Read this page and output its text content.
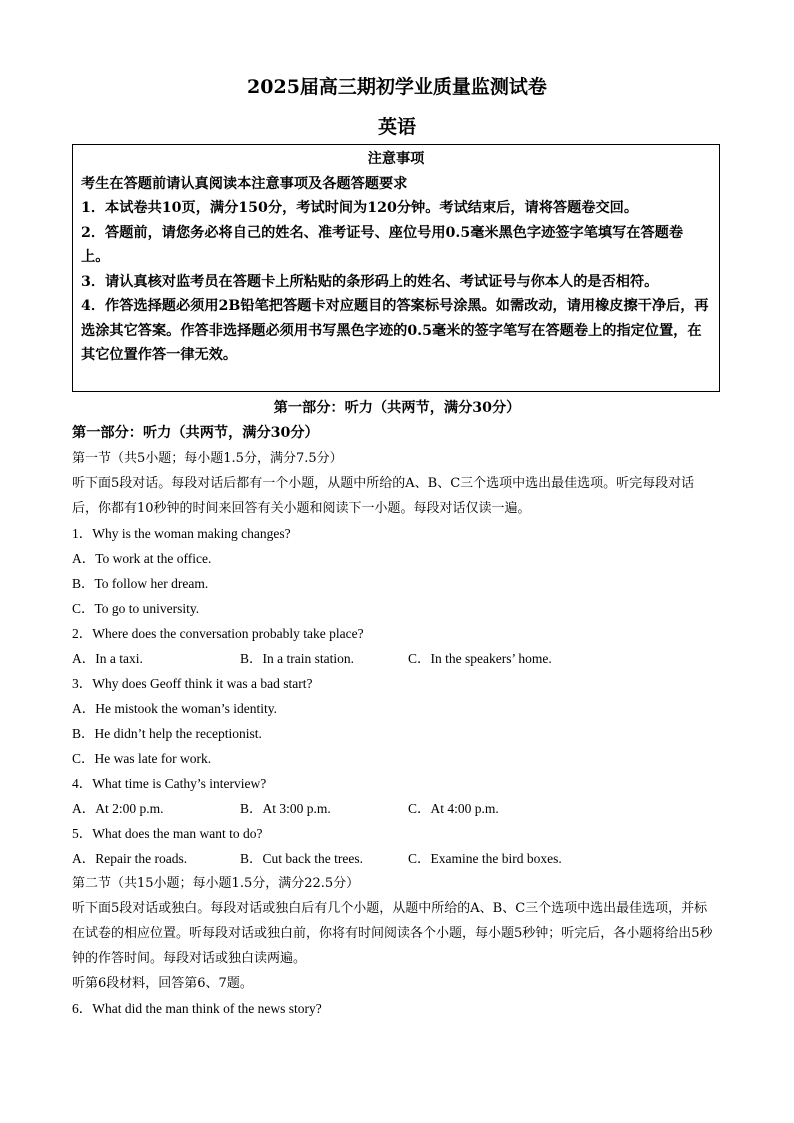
2025届高三期初学业质量监测试卷
英语
注意事项
考生在答题前请认真阅读本注意事项及各题答题要求
1．本试卷共10页，满分150分，考试时间为120分钟。考试结束后，请将答题卷交回。
2．答题前，请您务必将自己的姓名、准考证号、座位号用0.5毫米黑色字迹签字笔填写在答题卷上。
3．请认真核对监考员在答题卡上所粘贴的条形码上的姓名、考试证号与你本人的是否相符。
4．作答选择题必须用2B铅笔把答题卡对应题目的答案标号涂黑。如需改动，请用橡皮擦干净后，再选涂其它答案。作答非选择题必须用书写黑色字迹的0.5毫米的签字笔写在答题卷上的指定位置，在其它位置作答一律无效。
第一部分：听力（共两节，满分30分）
第一部分：听力（共两节，满分30分）
第一节（共5小题；每小题1.5分，满分7.5分）
听下面5段对话。每段对话后都有一个小题，从题中所给的A、B、C三个选项中选出最佳选项。听完每段对话后，你都有10秒钟的时间来回答有关小题和阅读下一小题。每段对话仅读一遍。
1．Why is the woman making changes?
A．To work at the office.
B．To follow her dream.
C．To go to university.
2．Where does the conversation probably take place?
A．In a taxi.	B．In a train station.	C．In the speakers’ home.
3．Why does Geoff think it was a bad start?
A．He mistook the woman’s identity.
B．He didn’t help the receptionist.
C．He was late for work.
4．What time is Cathy’s interview?
A．At 2:00 p.m.	B．At 3:00 p.m.	C．At 4:00 p.m.
5．What does the man want to do?
A．Repair the roads.	B．Cut back the trees.	C．Examine the bird boxes.
第二节（共15小题；每小题1.5分，满分22.5分）
听下面5段对话或独白。每段对话或独白后有几个小题，从题中所给的A、B、C三个选项中选出最佳选项，并标在试卷的相应位置。听每段对话或独白前，你将有时间阅读各个小题，每小题5秒钟；听完后，各小题将给出5秒钟的作答时间。每段对话或独白读两遍。
听第6段材料，回答第6、7题。
6．What did the man think of the news story?
